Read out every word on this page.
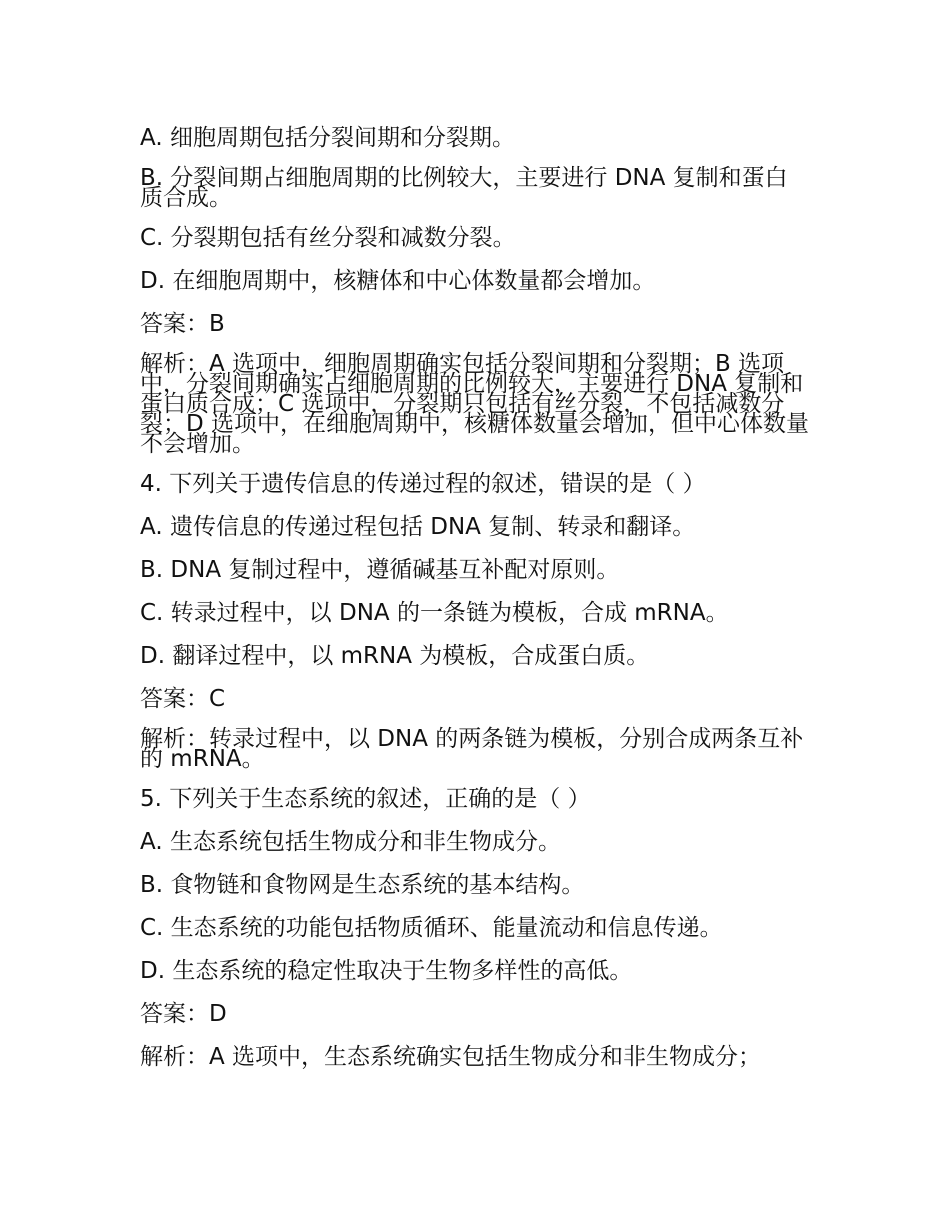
A. 细胞周期包括分裂间期和分裂期。
B. 分裂间期占细胞周期的比例较大，主要进行 DNA 复制和蛋白质合成。
C. 分裂期包括有丝分裂和减数分裂。
D. 在细胞周期中，核糖体和中心体数量都会增加。
答案：B
解析：A 选项中，细胞周期确实包括分裂间期和分裂期；B 选项中，分裂间期确实占细胞周期的比例较大，主要进行 DNA 复制和蛋白质合成；C 选项中，分裂期只包括有丝分裂，不包括减数分裂；D 选项中，在细胞周期中，核糖体数量会增加，但中心体数量不会增加。
4. 下列关于遗传信息的传递过程的叙述，错误的是（ ）
A. 遗传信息的传递过程包括 DNA 复制、转录和翻译。
B. DNA 复制过程中，遵循碱基互补配对原则。
C. 转录过程中，以 DNA 的一条链为模板，合成 mRNA。
D. 翻译过程中，以 mRNA 为模板，合成蛋白质。
答案：C
解析：转录过程中，以 DNA 的两条链为模板，分别合成两条互补的 mRNA。
5. 下列关于生态系统的叙述，正确的是（ ）
A. 生态系统包括生物成分和非生物成分。
B. 食物链和食物网是生态系统的基本结构。
C. 生态系统的功能包括物质循环、能量流动和信息传递。
D. 生态系统的稳定性取决于生物多样性的高低。
答案：D
解析：A 选项中，生态系统确实包括生物成分和非生物成分；
